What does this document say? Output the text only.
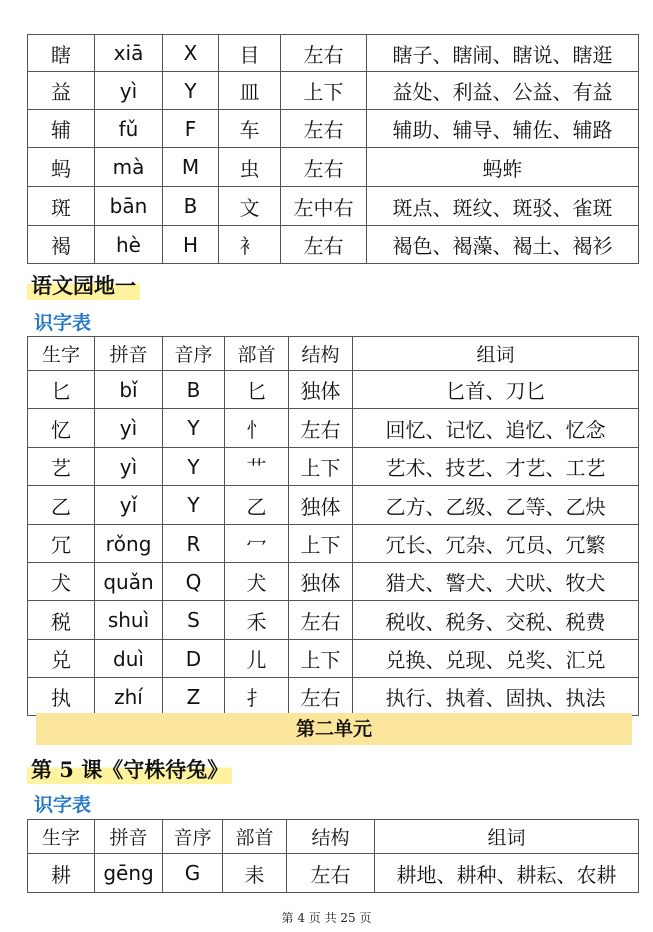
瞎	xiā	X	目	左右	瞎子、瞎闹、瞎说、瞎逛
益	yì	Y	皿	上下	益处、利益、公益、有益
辅	fǔ	F	车	左右	辅助、辅导、辅佐、辅路
蚂	mà	M	虫	左右	蚂蚱
斑	bān	B	文	左中右	斑点、斑纹、斑驳、雀斑
褐	hè	H	衤	左右	褐色、褐藻、褐土、褐衫
语文园地一
识字表
生字	拼音	音序	部首	结构	组词
匕	bǐ	B	匕	独体	匕首、刀匕
忆	yì	Y	忄	左右	回忆、记忆、追忆、忆念
艺	yì	Y	艹	上下	艺术、技艺、才艺、工艺
乙	yǐ	Y	乙	独体	乙方、乙级、乙等、乙炔
冗	rǒng	R	冖	上下	冗长、冗杂、冗员、冗繁
犬	quǎn	Q	犬	独体	猎犬、警犬、犬吠、牧犬
税	shuì	S	禾	左右	税收、税务、交税、税费
兑	duì	D	儿	上下	兑换、兑现、兑奖、汇兑
执	zhí	Z	扌	左右	执行、执着、固执、执法
第二单元
第 5 课《守株待兔》
识字表
生字	拼音	音序	部首	结构	组词
耕	gēng	G	耒	左右	耕地、耕种、耕耘、农耕
第 4 页 共 25 页
